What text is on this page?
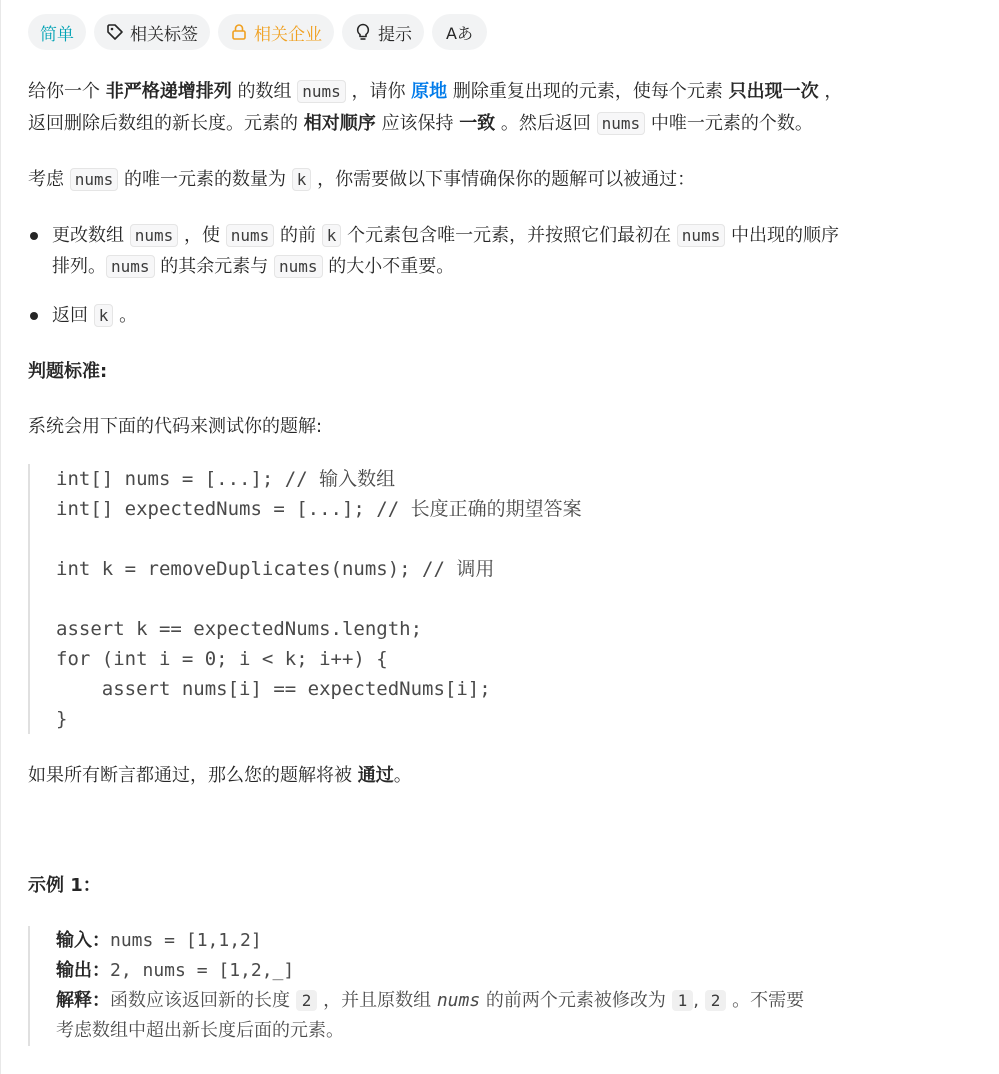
简单	相关标签	相关企业	提示 Aあ
给你一个 非严格递增排列 的数组 nums ，请你 原地 删除重复出现的元素，使每个元素 只出现一次 ，
返回删除后数组的新长度。元素的 相对顺序 应该保持 一致 。然后返回 nums 中唯一元素的个数。
考虑 nums 的唯一元素的数量为 k ，你需要做以下事情确保你的题解可以被通过：
更改数组 nums ，使 nums 的前 k 个元素包含唯一元素，并按照它们最初在 nums 中出现的顺序
排列。 nums 的其余元素与 nums 的大小不重要。
返回 k 。
判题标准:
系统会用下面的代码来测试你的题解:
int[] nums = [...]; // 输入数组
int[] expectedNums = [...]; // 长度正确的期望答案

int k = removeDuplicates(nums); // 调用

assert k == expectedNums.length;
for (int i = 0; i < k; i++) {
assert nums[i] == expectedNums[i];
}
如果所有断言都通过，那么您的题解将被 通过。
示例 1：
输入：nums = [1,1,2]
输出：2, nums = [1,2,_]
解释：函数应该返回新的长度 2 ，并且原数组 nums 的前两个元素被修改为 1 , 2 。不需要
考虑数组中超出新长度后面的元素。
